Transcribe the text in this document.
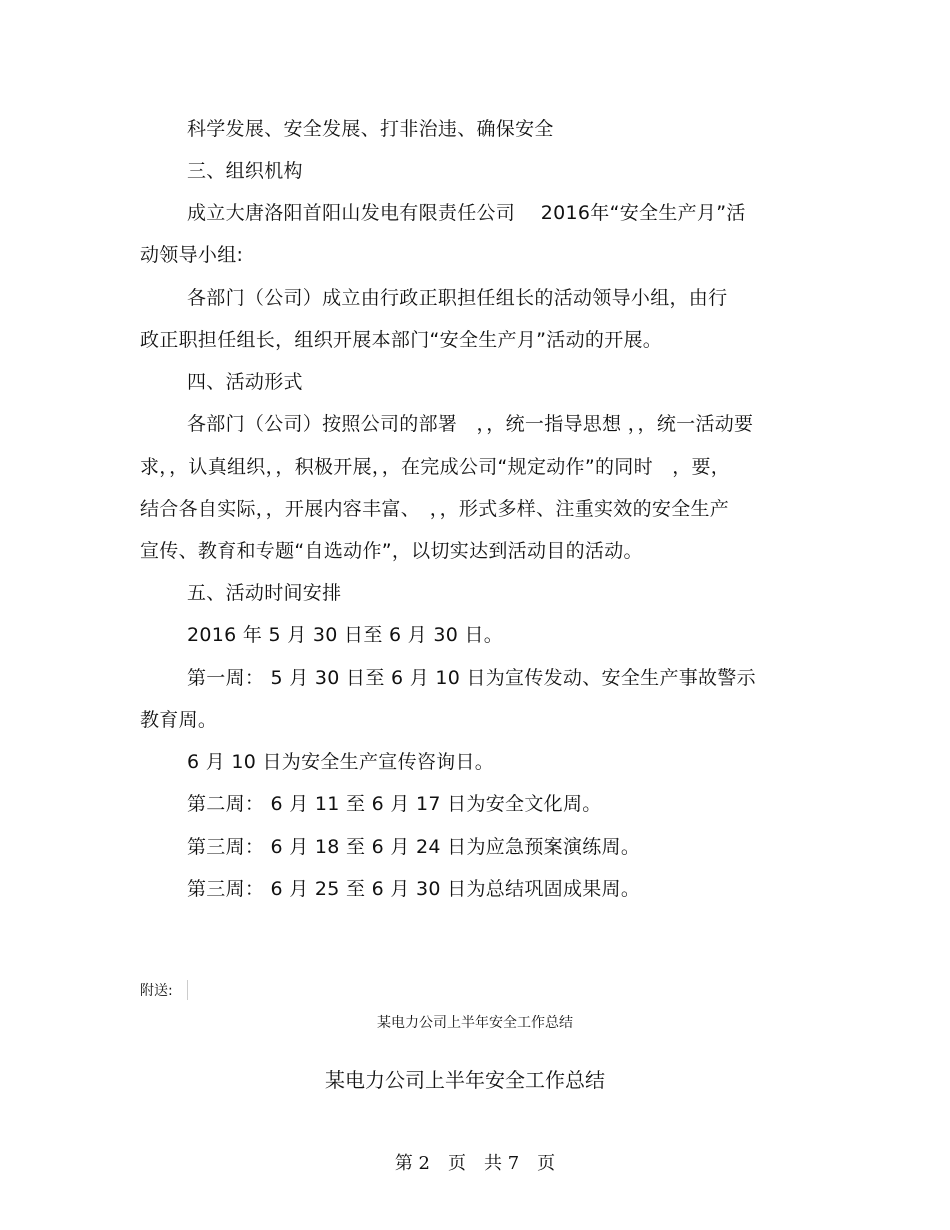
科学发展、安全发展、打非治违、确保安全
三、组织机构
成立大唐洛阳首阳山发电有限责任公司　 2016年“安全生产月”活
动领导小组:
各部门（公司）成立由行政正职担任组长的活动领导小组，由行
政正职担任组长，组织开展本部门“安全生产月”活动的开展。
四、活动形式
各部门（公司）按照公司的部署　，，统一指导思想 ，，统一活动要
求，，认真组织，，积极开展，，在完成公司“规定动作”的同时　，要，
结合各自实际，，开展内容丰富、　，，形式多样、注重实效的安全生产
宣传、教育和专题“自选动作”，以切实达到活动目的活动。
五、活动时间安排
2016 年 5 月 30 日至 6 月 30 日。
第一周： 5 月 30 日至 6 月 10 日为宣传发动、安全生产事故警示
教育周。
6 月 10 日为安全生产宣传咨询日。
第二周： 6 月 11 至 6 月 17 日为安全文化周。
第三周： 6 月 18 至 6 月 24 日为应急预案演练周。
第三周： 6 月 25 至 6 月 30 日为总结巩固成果周。
附送:
某电力公司上半年安全工作总结
某电力公司上半年安全工作总结
第 2　页　共 7　页
